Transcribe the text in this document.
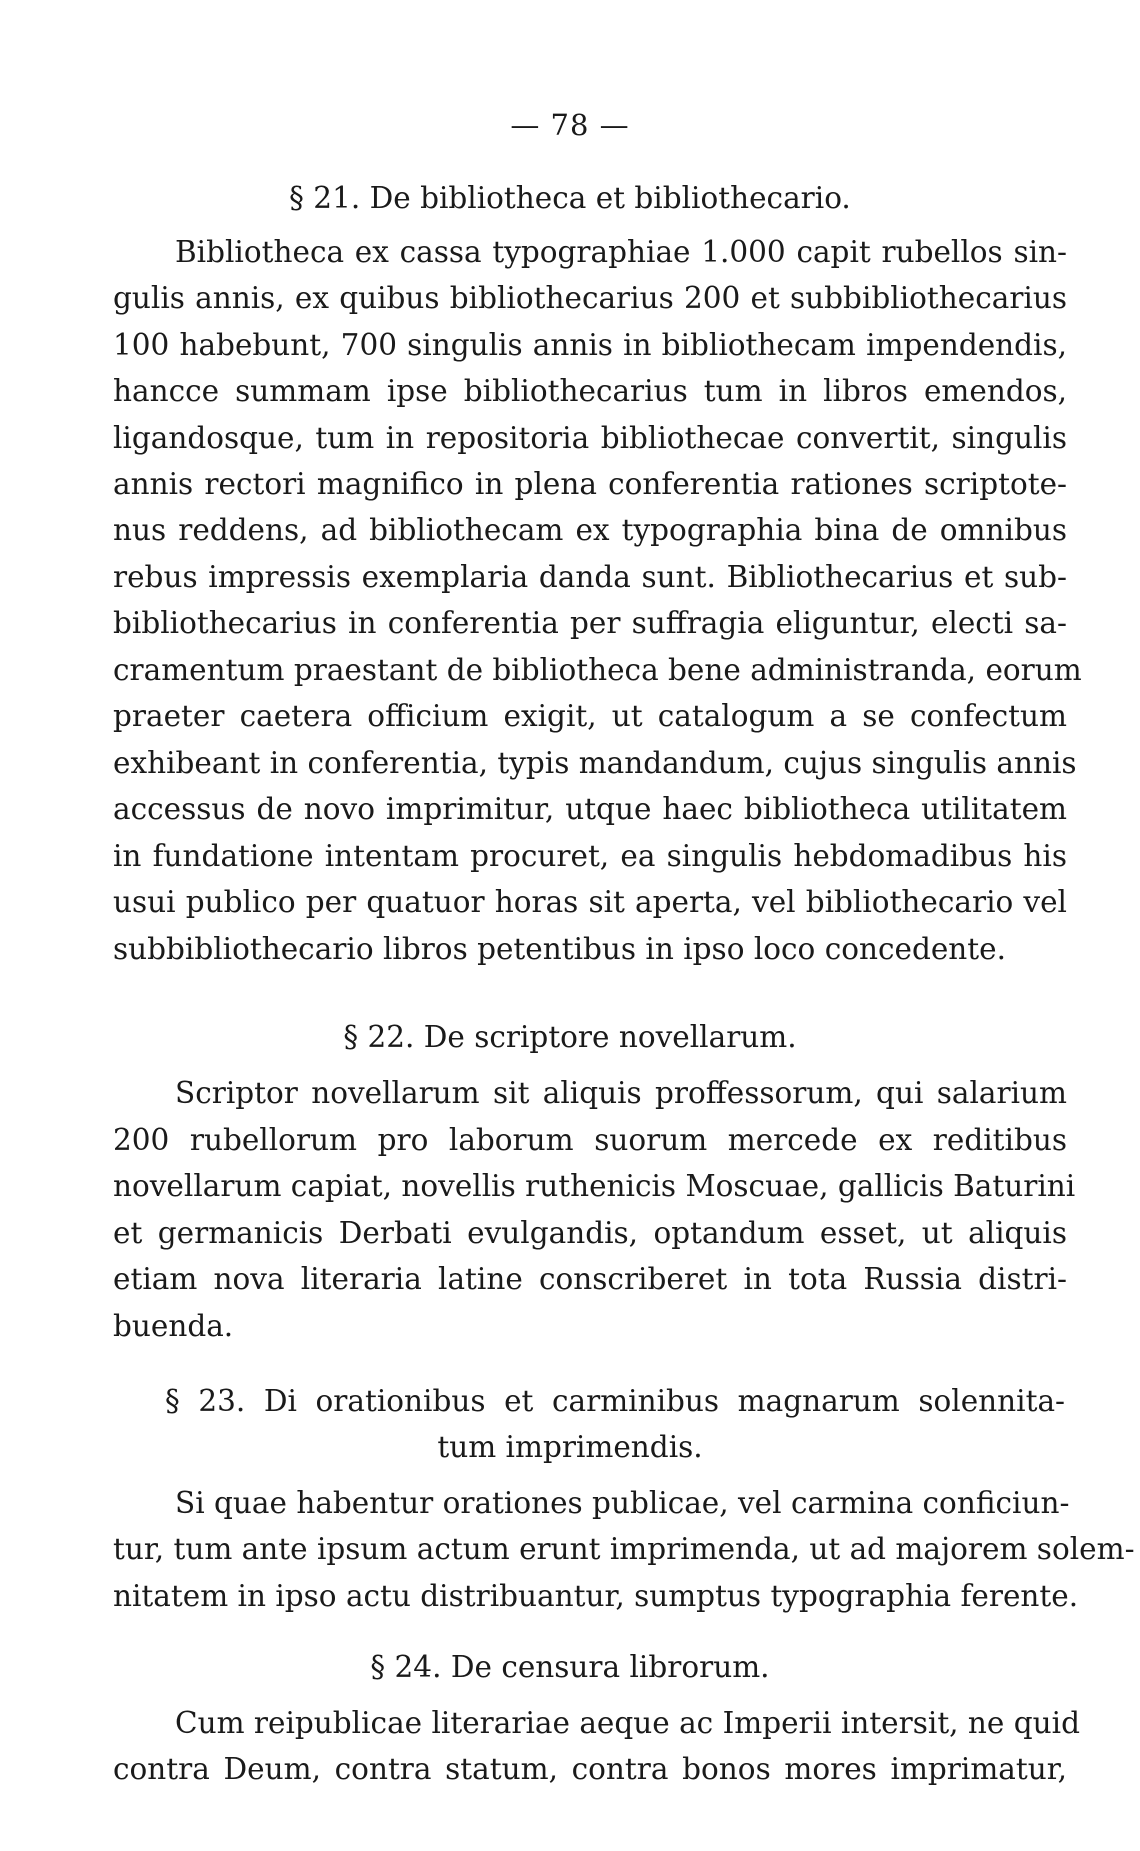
— 78 —
§ 21. De bibliotheca et bibliothecario.
Bibliotheca ex cassa typographiae 1.000 capit rubellos sin-
gulis annis, ex quibus bibliothecarius 200 et subbibliothecarius
100 habebunt, 700 singulis annis in bibliothecam impendendis,
hancce summam ipse bibliothecarius tum in libros emendos,
ligandosque, tum in repositoria bibliothecae convertit, singulis
annis rectori magnifico in plena conferentia rationes scriptote-
nus reddens, ad bibliothecam ex typographia bina de omnibus
rebus impressis exemplaria danda sunt. Bibliothecarius et sub-
bibliothecarius in conferentia per suffragia eliguntur, electi sa-
cramentum praestant de bibliotheca bene administranda, eorum
praeter caetera officium exigit, ut catalogum a se confectum
exhibeant in conferentia, typis mandandum, cujus singulis annis
accessus de novo imprimitur, utque haec bibliotheca utilitatem
in fundatione intentam procuret, ea singulis hebdomadibus his
usui publico per quatuor horas sit aperta, vel bibliothecario vel
subbibliothecario libros petentibus in ipso loco concedente.
§ 22. De scriptore novellarum.
Scriptor novellarum sit aliquis proffessorum, qui salarium
200 rubellorum pro laborum suorum mercede ex reditibus
novellarum capiat, novellis ruthenicis Moscuae, gallicis Baturini
et germanicis Derbati evulgandis, optandum esset, ut aliquis
etiam nova literaria latine conscriberet in tota Russia distri-
buenda.
§ 23. Di orationibus et carminibus magnarum solennita-
tum imprimendis.
Si quae habentur orationes publicae, vel carmina conficiun-
tur, tum ante ipsum actum erunt imprimenda, ut ad majorem solem-
nitatem in ipso actu distribuantur, sumptus typographia ferente.
§ 24. De censura librorum.
Cum reipublicae literariae aeque ac Imperii intersit, ne quid
contra Deum, contra statum, contra bonos mores imprimatur,
